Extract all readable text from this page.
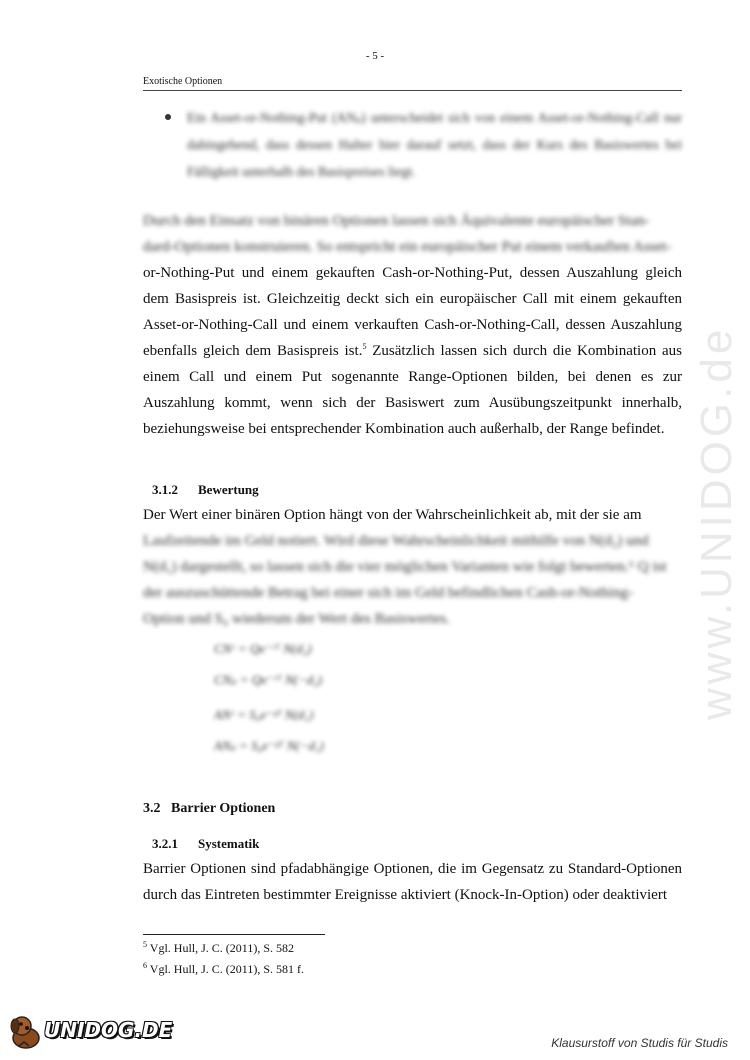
- 5 -
Exotische Optionen
Ein Asset-or-Nothing-Put (ANₚ) unterscheidet sich von einem Asset-or-Nothing-Call nur dahingehend, dass dessen Halter hier darauf setzt, dass der Kurs des Basiswertes bei Fälligkeit unterhalb des Basispreises liegt.
Durch den Einsatz von binären Optionen lassen sich Äquivalente europäischer Stan-
dard-Optionen konstruieren. So entspricht ein europäischer Put einem verkauften Asset-

or-Nothing-Put und einem gekauften Cash-or-Nothing-Put, dessen Auszahlung gleich dem Basispreis ist. Gleichzeitig deckt sich ein europäischer Call mit einem gekauften Asset-or-Nothing-Call und einem verkauften Cash-or-Nothing-Call, dessen Auszahlung ebenfalls gleich dem Basispreis ist.$^5$ Zusätzlich lassen sich durch die Kombination aus einem Call und einem Put sogenannte Range-Optionen bilden, bei denen es zur Auszahlung kommt, wenn sich der Basiswert zum Ausübungszeitpunkt innerhalb, beziehungsweise bei entsprechender Kombination auch außerhalb, der Range befindet.

3.1.2 Bewertung

Der Wert einer binären Option hängt von der Wahrscheinlichkeit ab, mit der sie am

Laufzeitende im Geld notiert. Wird diese Wahrscheinlichkeit mithilfe von N(d₂) und
N(d₁) dargestellt, so lassen sich die vier möglichen Varianten wie folgt bewerten.⁶ Q ist
der auszuschüttende Betrag bei einer sich im Geld befindlichen Cash-or-Nothing-
Option und S₀ wiederum der Wert des Basiswertes.
CNᶜ = Qe⁻ʳᵀ N(d₂)
CNₚ = Qe⁻ʳᵀ N(−d₂)
ANᶜ = S₀e⁻ᵍᵀ N(d₁)
ANₚ = S₀e⁻ᵍᵀ N(−d₁)
3.2 Barrier Optionen
3.2.1 Systematik

Barrier Optionen sind pfadabhängige Optionen, die im Gegensatz zu Standard-Optionen durch das Eintreten bestimmter Ereignisse aktiviert (Knock-In-Option) oder deaktiviert

$^5$ Vgl. Hull, J. C. (2011), S. 582
$^6$ Vgl. Hull, J. C. (2011), S. 581 f.
www.UNIDOG.de
UNIDOG.DE
Klausurstoff von Studis für Studis
